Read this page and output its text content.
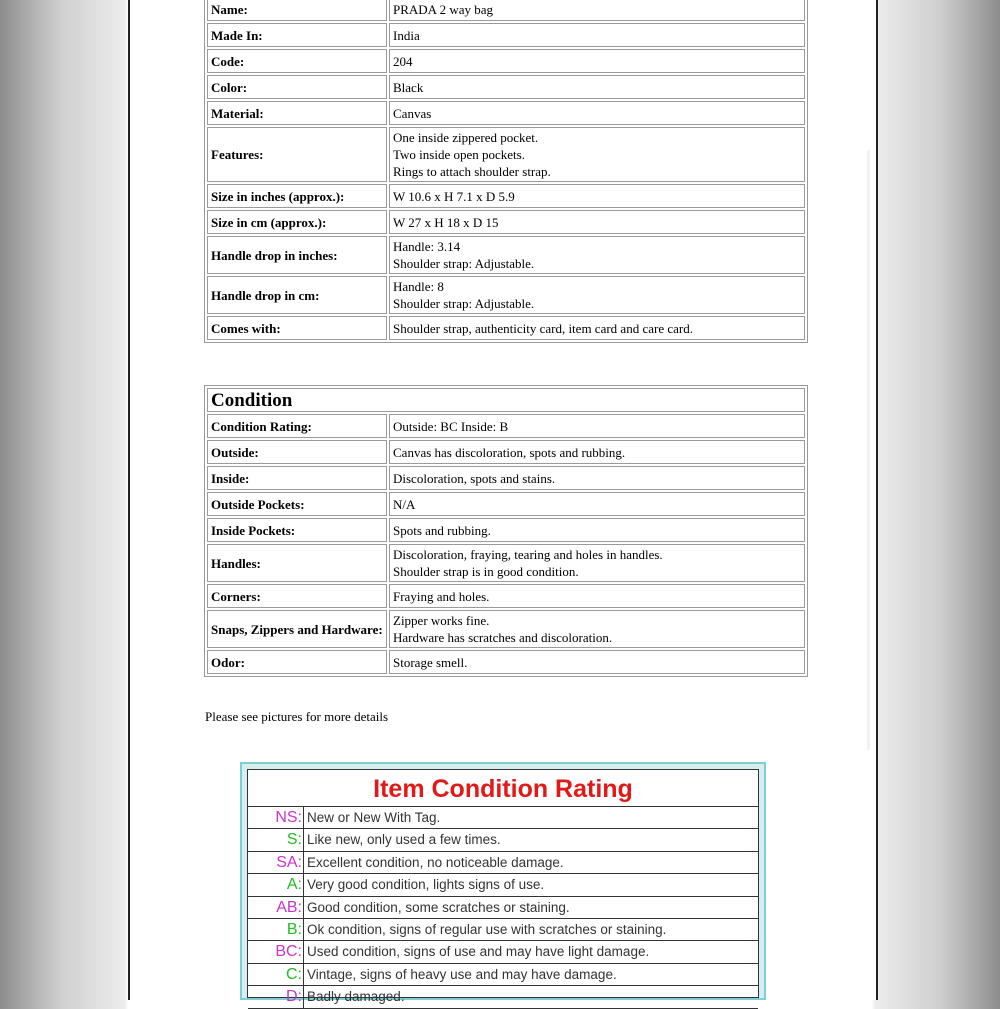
Name:	PRADA 2 way bag

Made In:	India

Code:	204

Color:	Black

Material:	Canvas

Features:	One inside zippered pocket.
Two inside open pockets.
Rings to attach shoulder strap.

Size in inches (approx.):	W 10.6 x H 7.1 x D 5.9

Size in cm (approx.):	W 27 x H 18 x D 15

Handle drop in inches:	Handle: 3.14
Shoulder strap: Adjustable.

Handle drop in cm:	Handle: 8
Shoulder strap: Adjustable.

Comes with:	Shoulder strap, authenticity card, item card and care card.
Condition	
Condition Rating:	Outside: BC Inside: B

Outside:	Canvas has discoloration, spots and rubbing.

Inside:	Discoloration, spots and stains.

Outside Pockets:	N/A

Inside Pockets:	Spots and rubbing.

Handles:	Discoloration, fraying, tearing and holes in handles.
Shoulder strap is in good condition.

Corners:	Fraying and holes.

Snaps, Zippers and Hardware:	Zipper works fine.
Hardware has scratches and discoloration.

Odor:	Storage smell.
Please see pictures for more details
Item Condition Rating
NS: New or New With Tag.
S: Like new, only used a few times.
SA: Excellent condition, no noticeable damage.
A: Very good condition, lights signs of use.
AB: Good condition, some scratches or staining.
B: Ok condition, signs of regular use with scratches or staining.
BC: Used condition, signs of use and may have light damage.
C: Vintage, signs of heavy use and may have damage.
D: Badly damaged.
